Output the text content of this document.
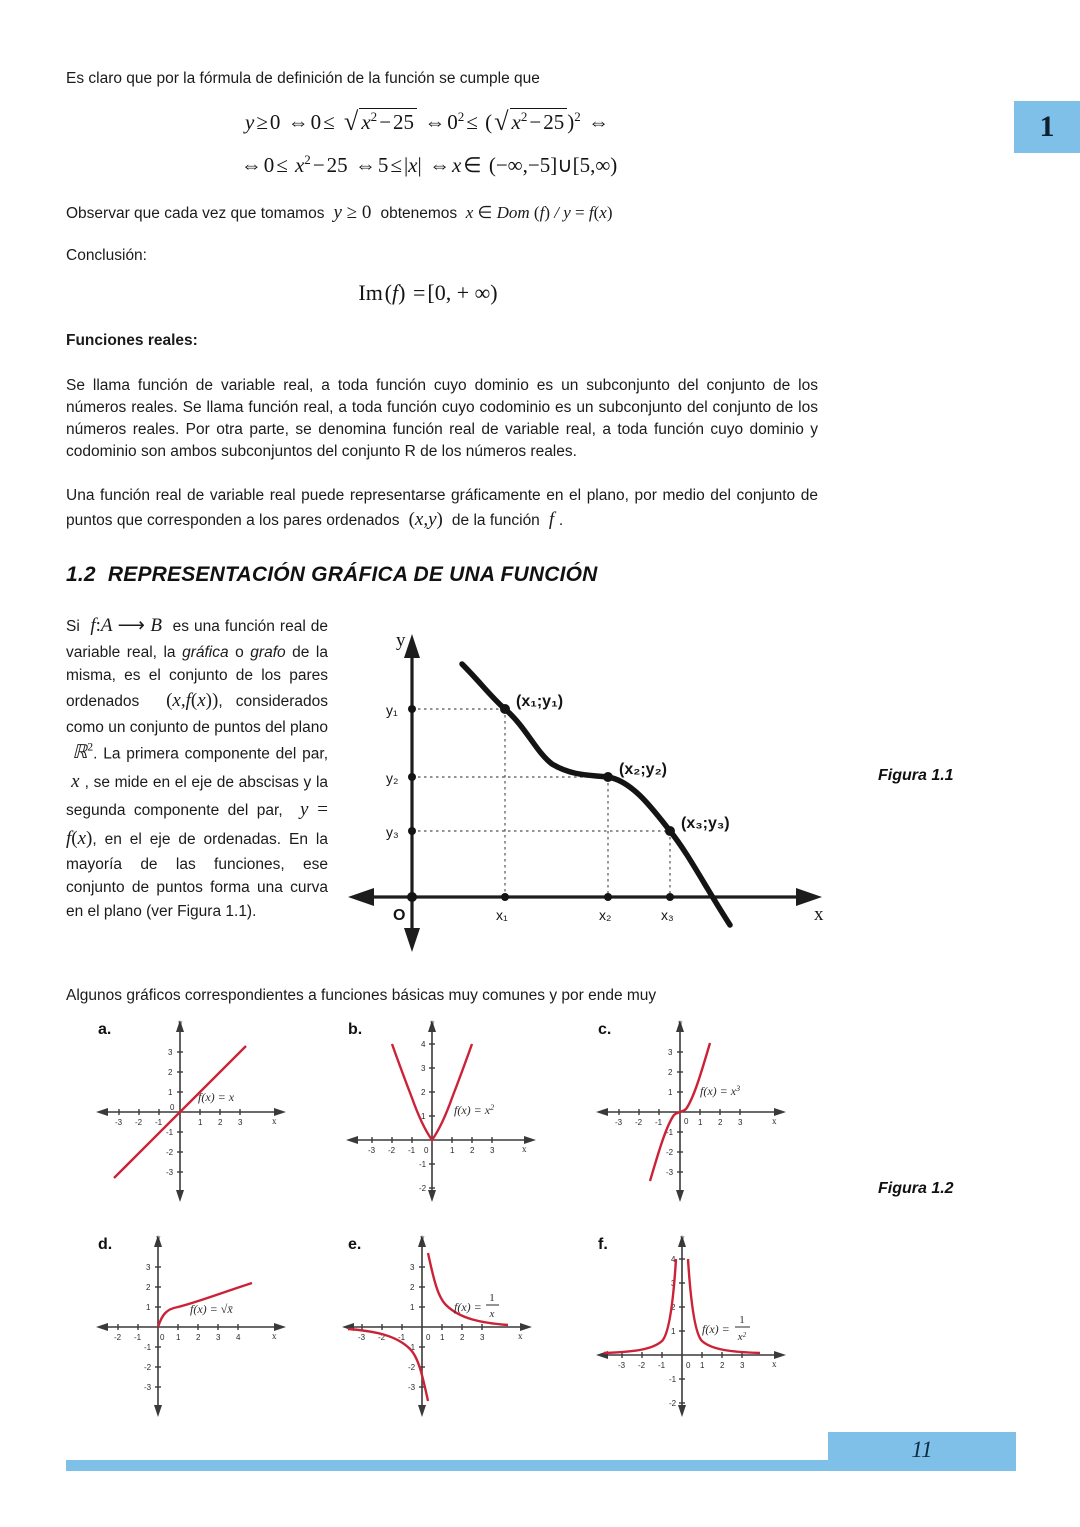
1
Es claro que por la fórmula de definición de la función se cumple que
y≥0 ⇔0≤ √ $x^2-25$ $\Leftrightarrow 0^2\le$ (√ $x^2-25$ )$^2$ ⇔
⇔0≤ $x^2-25$ ⇔5≤|x| ⇔x∈ (−∞,−5]∪[5,∞)
Observar que cada vez que tomamos y ≥ 0 obtenemos x ∈ Dom (f) / y = f(x)
Conclusión:
Im (f) =[0, + ∞)
Funciones reales:
Se llama función de variable real, a toda función cuyo dominio es un subconjunto del conjunto de los números reales. Se llama función real, a toda función cuyo codominio es un subconjunto del conjunto de los números reales. Por otra parte, se denomina función real de variable real, a toda función cuyo dominio y codominio son ambos subconjuntos del conjunto R de los números reales.
Una función real de variable real puede representarse gráficamente en el plano, por medio del conjunto de puntos que corresponden a los pares ordenados (x,y) de la función f .
1.2 REPRESENTACIÓN GRÁFICA DE UNA FUNCIÓN
Si f:A ⟶ B es una función real de variable real, la gráfica o grafo de la misma, es el conjunto de los pares ordenados (x,f(x)), considerados como un conjunto de puntos del plano  ℝ$^2$. La primera componente del par,  x , se mide en el eje de abscisas y la segunda componente del par, y = f(x), en el eje de ordenadas. En la mayoría de las funciones, ese conjunto de puntos forma una curva en el plano (ver Figura 1.1).
y
x
O
y₁
y₂
y₃
x₁	x₂	x₃
(x₁;y₁)
(x₂;y₂)
(x₃;y₃)
Figura 1.1
Algunos gráficos correspondientes a funciones básicas muy comunes y por ende muy
a.
-3 -2 -1	1 2 3
3
2
1
-1
-2
-3
0
y
x
f(x) = x
b.
-3 -2 -1	1 2 3
4
3
2
1
-1
-2
0
y
x
$f(x) = x^2$
c.
-3 -2 -1	1 2 3
3
2
1
-1
-2
-3
0
y
x
$f(x) = x^3$
d.
-2 -1	1 2 3 4
3
2
1
-1
-2
-3
0
y
x
f(x) = √x̄
e.
-3 -2 -1	1 2 3
3
2
1
-1
-2
-3
0
y
x
f(x) =
1
x
f.
-3 -2 -1	1 2 3
4
3
2
1
-1
-2
0
y
x
f(x) =
1
$x^2$
Figura 1.2
11
